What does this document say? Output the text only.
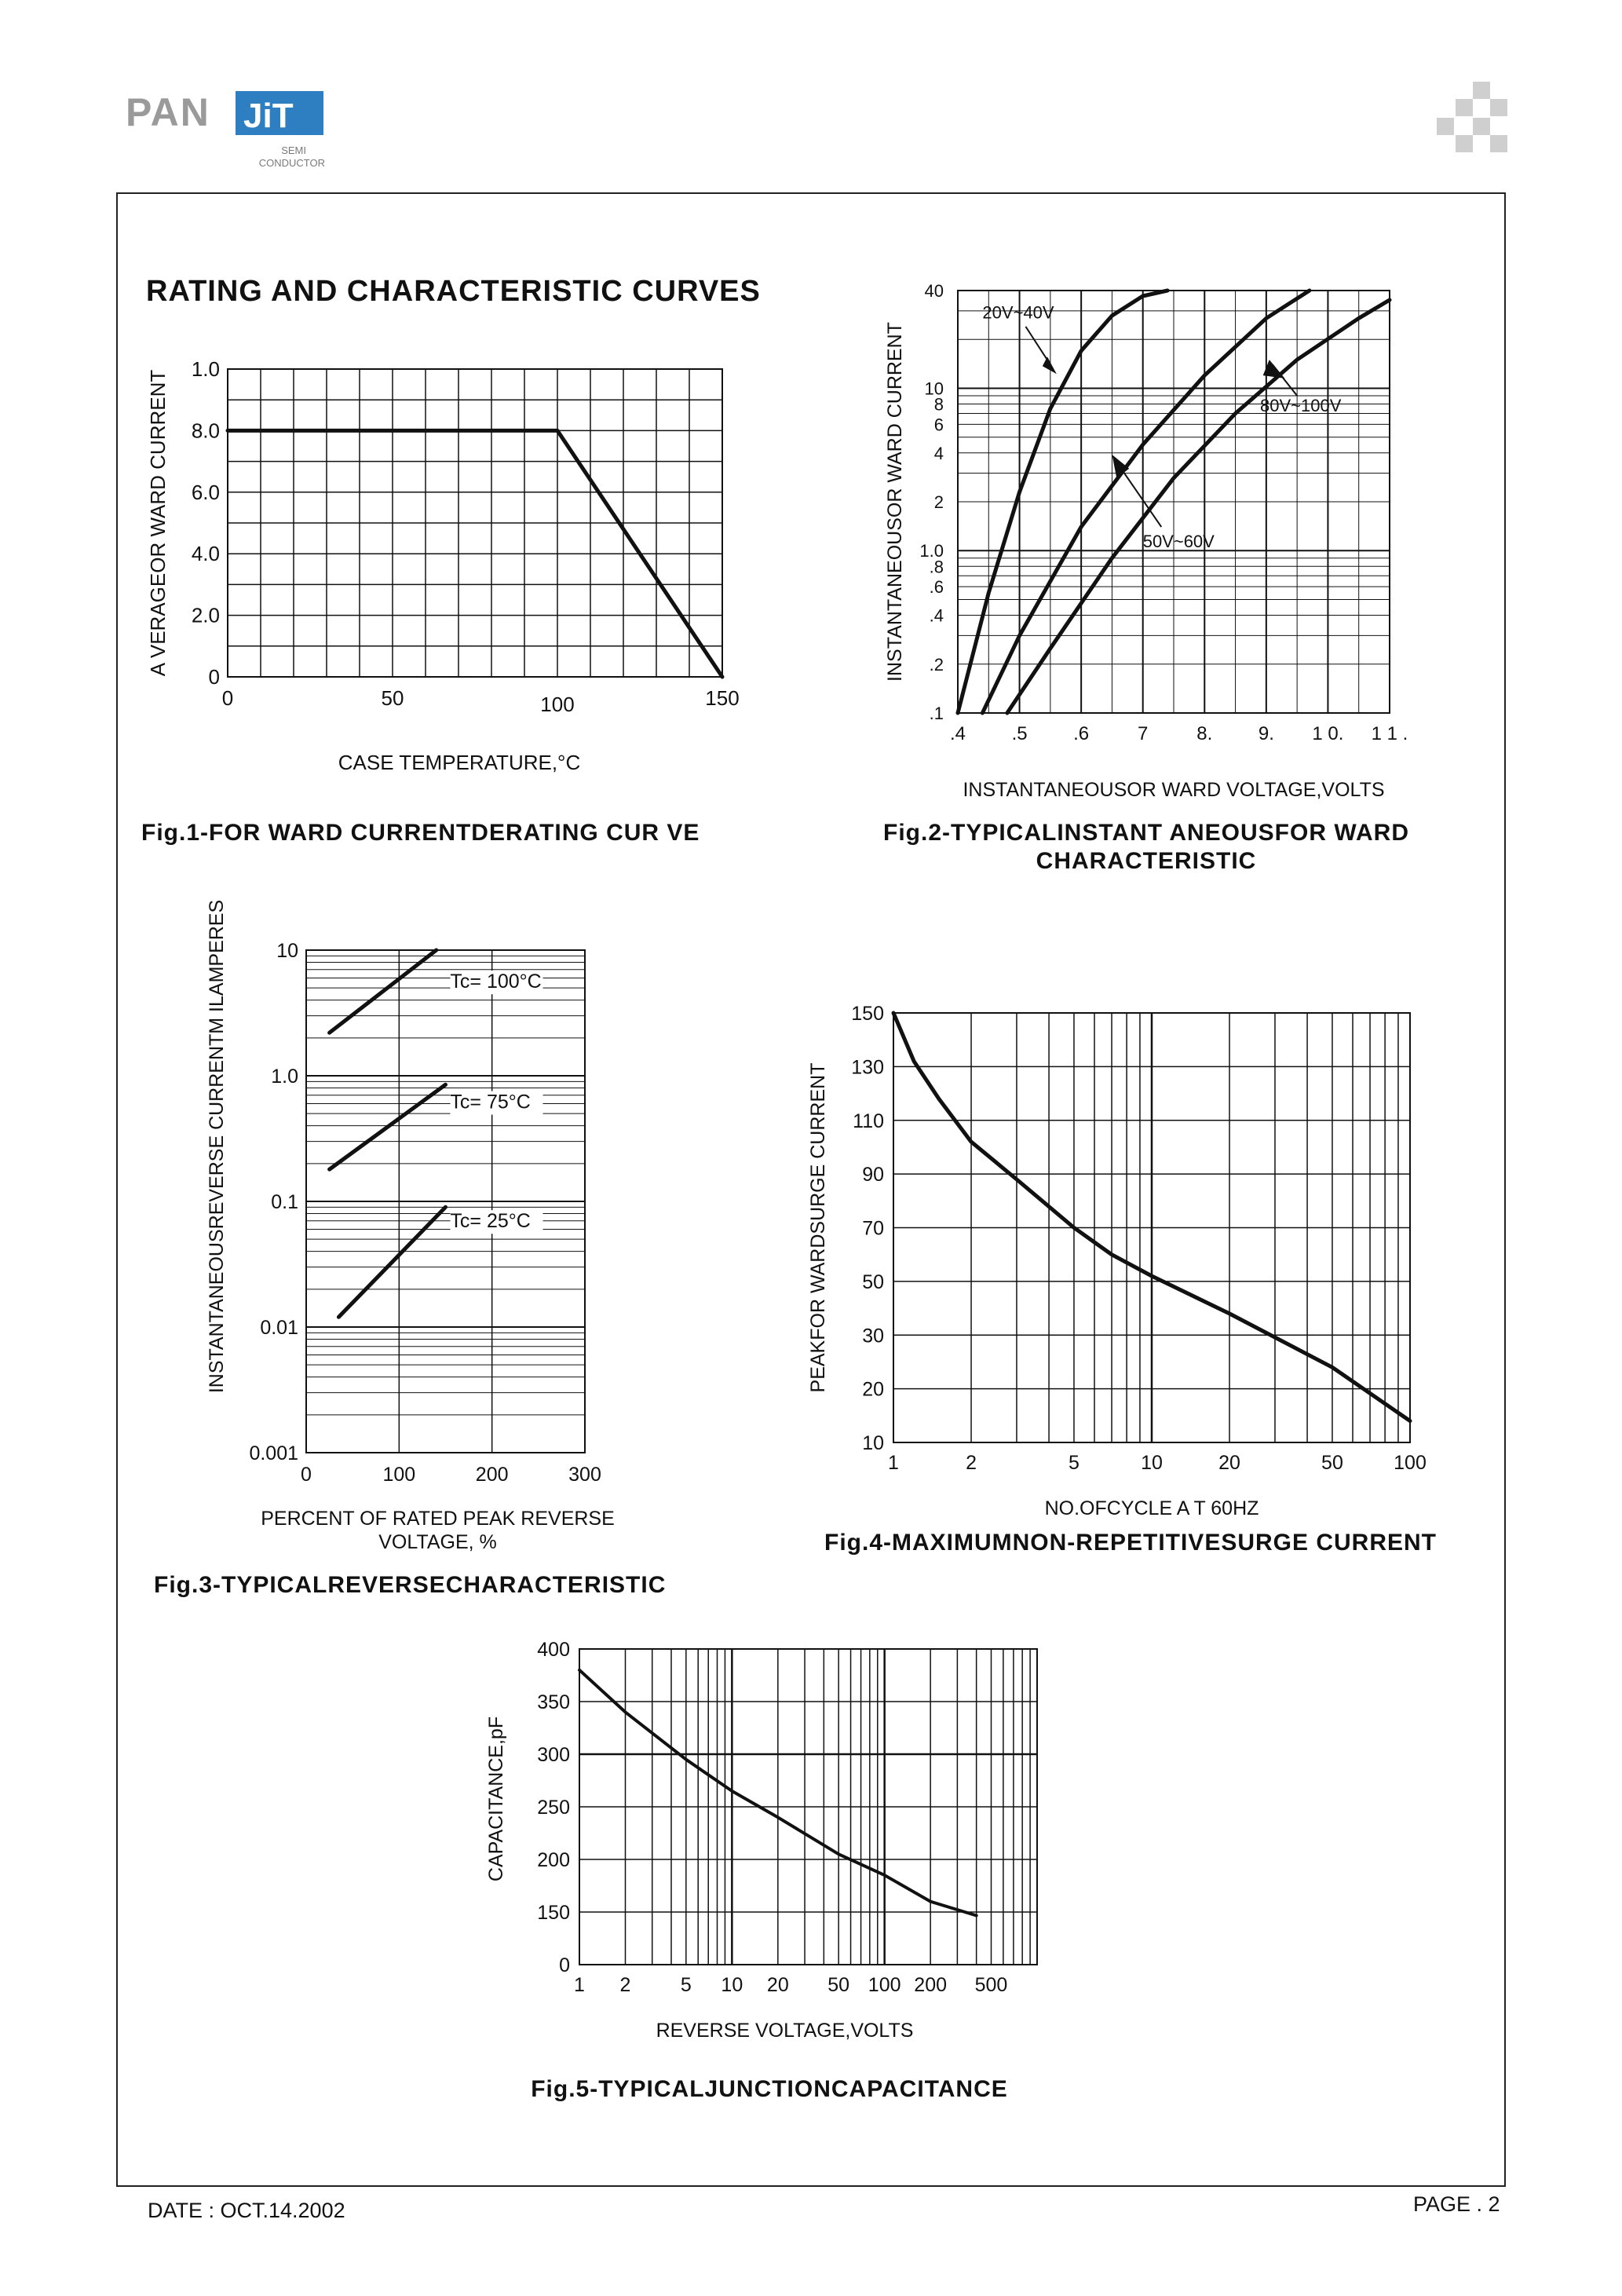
PAN JiT
SEMI
CONDUCTOR
RATING AND CHARACTERISTIC CURVES
0
2.0
4.0
6.0
8.0
1.0
0	50	100	150
CASE TEMPERATURE,°C
A VERAGEOR WARD CURRENT
Fig.1-FOR WARD CURRENTDERATING CUR VE
.1
.2
.4
.6
.8
1.0
2
4
6
8
10
40
.4 .5 .6	7	8. 9. 1 0. 1 1 .
20V~40V
80V~100V
50V~60V
INSTANTANEOUSOR WARD VOLTAGE,VOLTS
INSTANTANEOUSOR WARD CURRENT
Fig.2-TYPICALINSTANT ANEOUSFOR WARD
CHARACTERISTIC
0.001
0.01
0.1
1.0
10
0	100	200	300
Tc= 100°C
Tc= 75°C
Tc= 25°C
PERCENT OF RATED PEAK REVERSE
VOLTAGE, %
INSTANTANEOUSREVERSE CURRENTM ILAMPERES
Fig.3-TYPICALREVERSECHARACTERISTIC
10
20
30
50
70
90
110
130
150
1	2	5	10	20	50	100
NO.OFCYCLE A T 60HZ
PEAKFOR WARDSURGE CURRENT
Fig.4-MAXIMUMNON-REPETITIVESURGE CURRENT
0
150
200
250
300
350
400
1 2	5 10 20 50 100 200 500
REVERSE VOLTAGE,VOLTS
CAPACITANCE,pF
Fig.5-TYPICALJUNCTIONCAPACITANCE
DATE : OCT.14.2002	PAGE . 2
